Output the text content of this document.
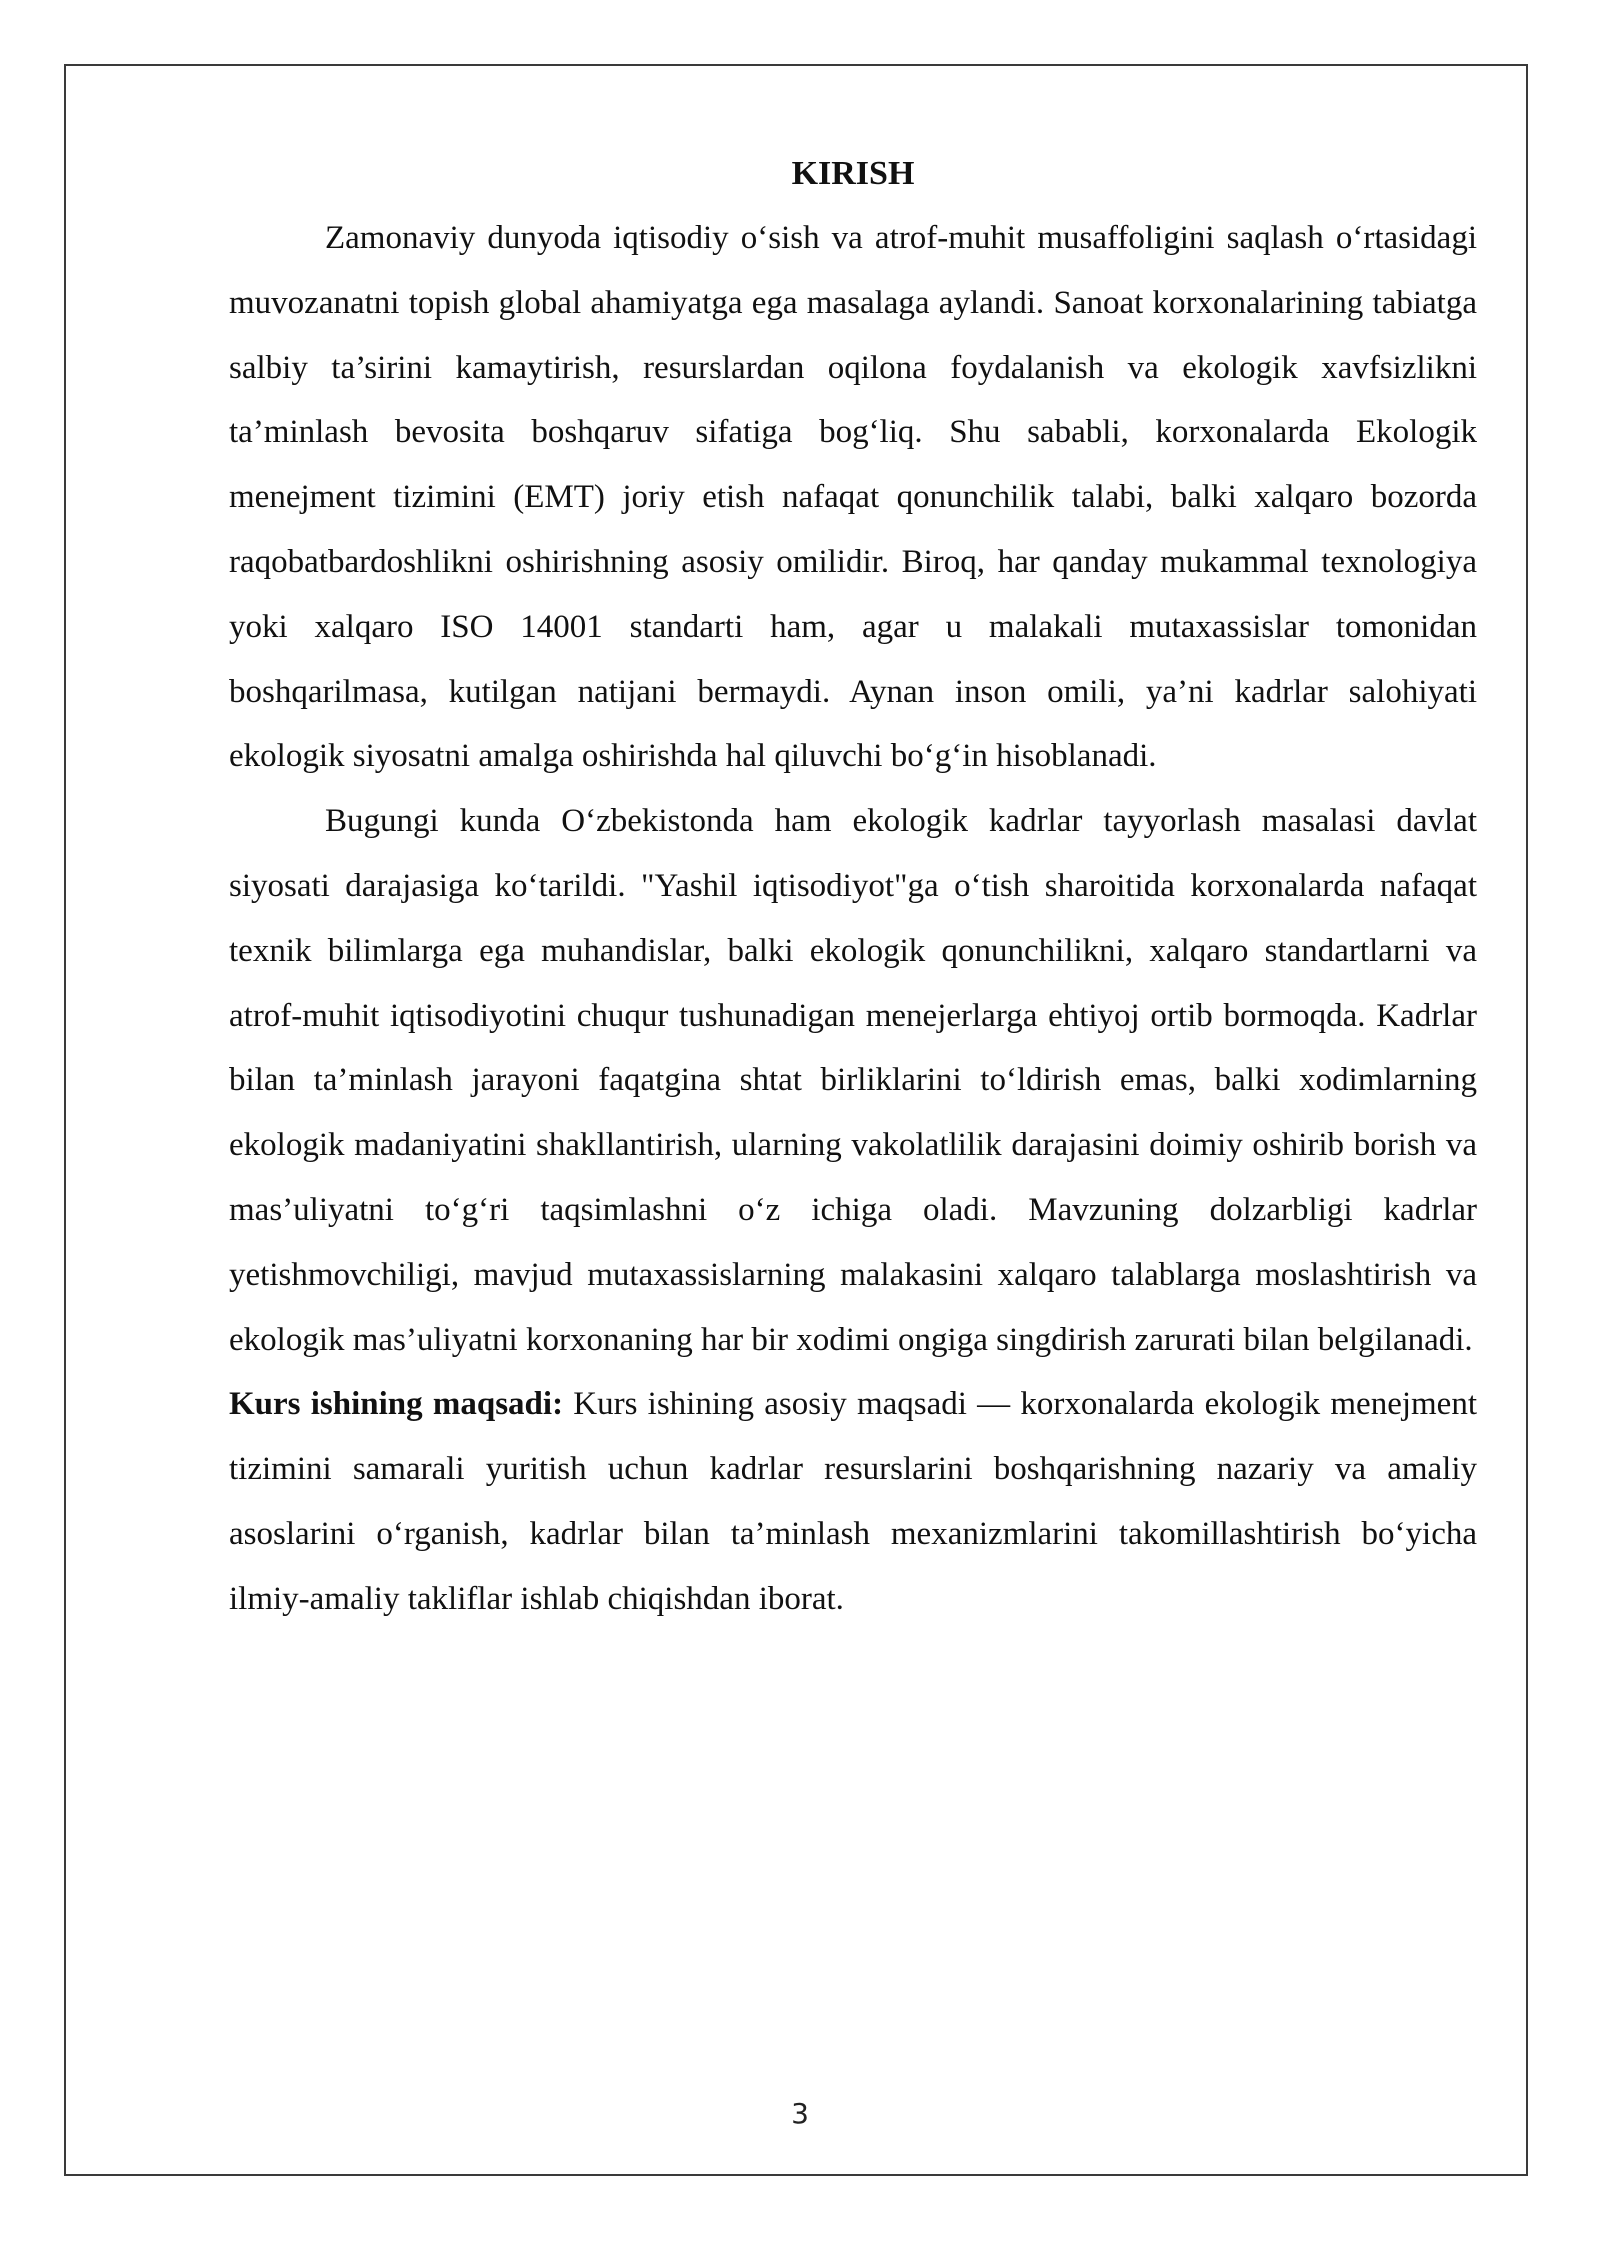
KIRISH

Zamonaviy dunyoda iqtisodiy o‘sish va atrof-muhit musaffoligini saqlash o‘rtasidagi muvozanatni topish global ahamiyatga ega masalaga aylandi. Sanoat korxonalarining tabiatga salbiy ta’sirini kamaytirish, resurslardan oqilona foydalanish va ekologik xavfsizlikni ta’minlash bevosita boshqaruv sifatiga bog‘liq. Shu sababli, korxonalarda Ekologik menejment tizimini (EMT) joriy etish nafaqat qonunchilik talabi, balki xalqaro bozorda raqobatbardoshlikni oshirishning asosiy omilidir. Biroq, har qanday mukammal texnologiya yoki xalqaro ISO 14001 standarti ham, agar u malakali mutaxassislar tomonidan boshqarilmasa, kutilgan natijani bermaydi. Aynan inson omili, ya’ni kadrlar salohiyati ekologik siyosatni amalga oshirishda hal qiluvchi bo‘g‘in hisoblanadi.

Bugungi kunda O‘zbekistonda ham ekologik kadrlar tayyorlash masalasi davlat siyosati darajasiga ko‘tarildi. "Yashil iqtisodiyot"ga o‘tish sharoitida korxonalarda nafaqat texnik bilimlarga ega muhandislar, balki ekologik qonunchilikni, xalqaro standartlarni va atrof-muhit iqtisodiyotini chuqur tushunadigan menejerlarga ehtiyoj ortib bormoqda. Kadrlar bilan ta’minlash jarayoni faqatgina shtat birliklarini to‘ldirish emas, balki xodimlarning ekologik madaniyatini shakllantirish, ularning vakolatlilik darajasini doimiy oshirib borish va mas’uliyatni to‘g‘ri taqsimlashni o‘z ichiga oladi. Mavzuning dolzarbligi kadrlar yetishmovchiligi, mavjud mutaxassislarning malakasini xalqaro talablarga moslashtirish va ekologik mas’uliyatni korxonaning har bir xodimi ongiga singdirish zarurati bilan belgilanadi.

Kurs ishining maqsadi: Kurs ishining asosiy maqsadi — korxonalarda ekologik menejment tizimini samarali yuritish uchun kadrlar resurslarini boshqarishning nazariy va amaliy asoslarini o‘rganish, kadrlar bilan ta’minlash mexanizmlarini takomillashtirish bo‘yicha ilmiy-amaliy takliflar ishlab chiqishdan iborat.

3
